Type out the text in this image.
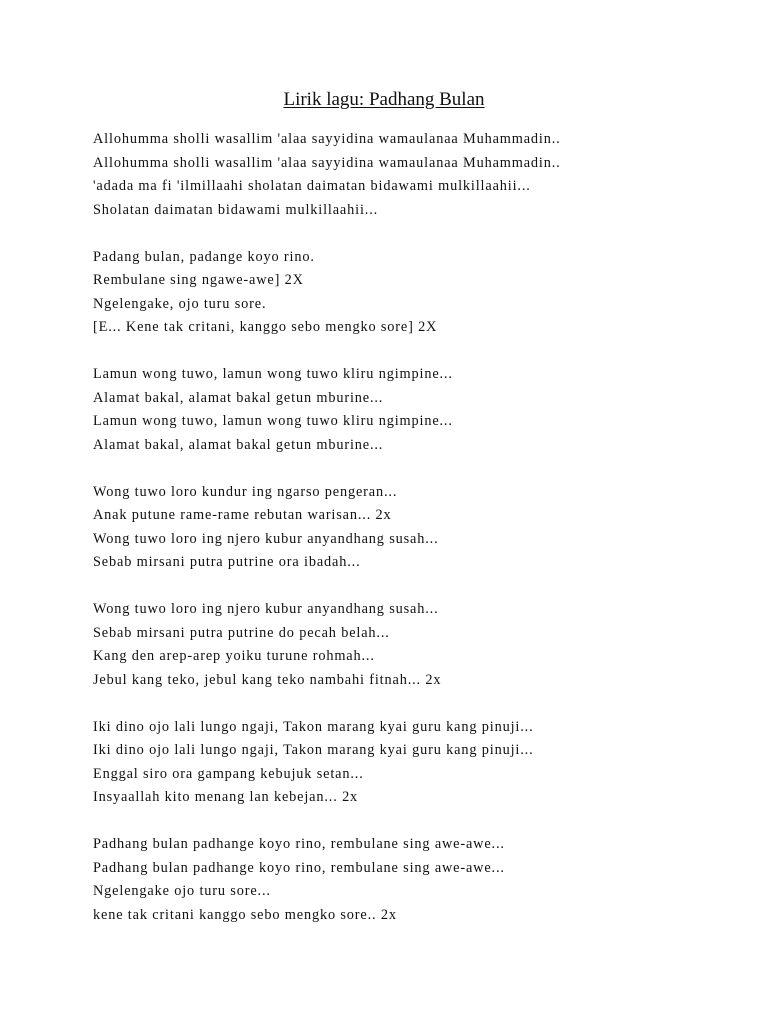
Lirik lagu: Padhang Bulan
Allohumma sholli wasallim 'alaa sayyidina wamaulanaa Muhammadin..
Allohumma sholli wasallim 'alaa sayyidina wamaulanaa Muhammadin..
'adada ma fi 'ilmillaahi sholatan daimatan bidawami mulkillaahii...
Sholatan daimatan bidawami mulkillaahii...
Padang bulan, padange koyo rino.
Rembulane sing ngawe-awe] 2X
Ngelengake, ojo turu sore.
[E... Kene tak critani, kanggo sebo mengko sore] 2X
Lamun wong tuwo, lamun wong tuwo kliru ngimpine...
Alamat bakal, alamat bakal getun mburine...
Lamun wong tuwo, lamun wong tuwo kliru ngimpine...
Alamat bakal, alamat bakal getun mburine...
Wong tuwo loro kundur ing ngarso pengeran...
Anak putune rame-rame rebutan warisan... 2x
Wong tuwo loro ing njero kubur anyandhang susah...
Sebab mirsani putra putrine ora ibadah...
Wong tuwo loro ing njero kubur anyandhang susah...
Sebab mirsani putra putrine do pecah belah...
Kang den arep-arep yoiku turune rohmah...
Jebul kang teko, jebul kang teko nambahi fitnah... 2x
Iki dino ojo lali lungo ngaji, Takon marang kyai guru kang pinuji...
Iki dino ojo lali lungo ngaji, Takon marang kyai guru kang pinuji...
Enggal siro ora gampang kebujuk setan...
Insyaallah kito menang lan kebejan... 2x
Padhang bulan padhange koyo rino, rembulane sing awe-awe...
Padhang bulan padhange koyo rino, rembulane sing awe-awe...
Ngelengake ojo turu sore...
kene tak critani kanggo sebo mengko sore.. 2x
